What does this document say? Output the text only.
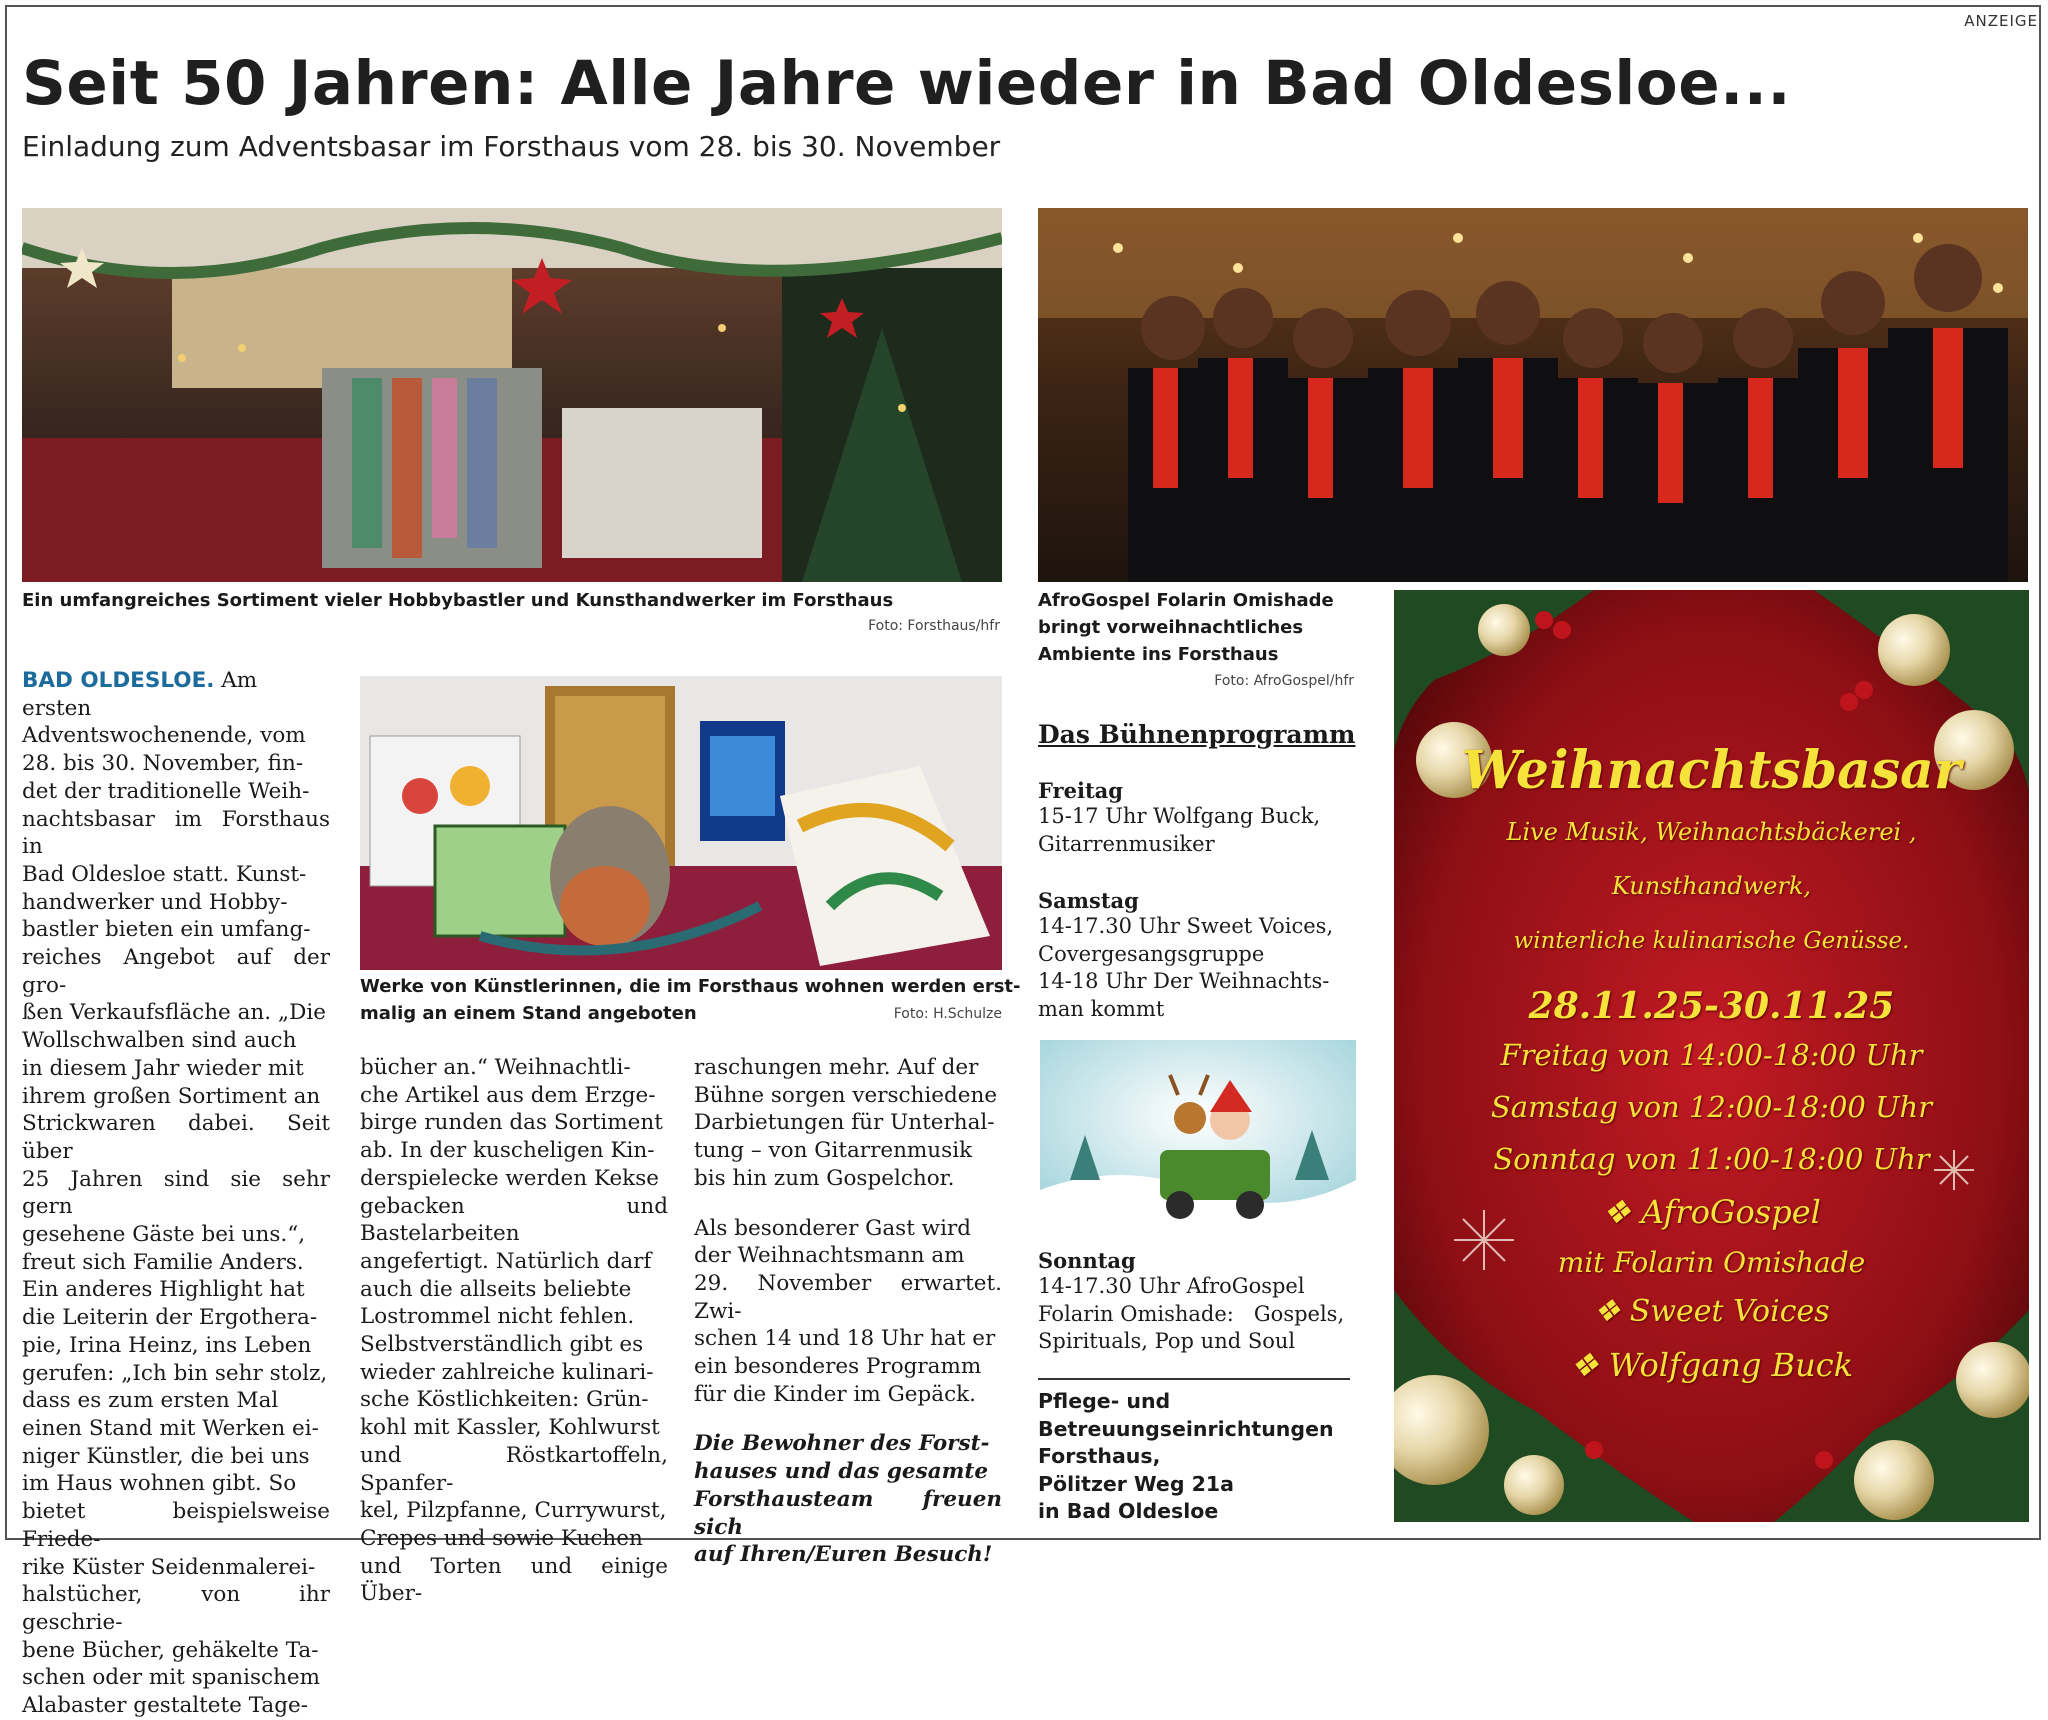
ANZEIGE
Seit 50 Jahren: Alle Jahre wieder in Bad Oldesloe...
Einladung zum Adventsbasar im Forsthaus vom 28. bis 30. November
Ein umfangreiches Sortiment vieler Hobbybastler und Kunsthandwerker im Forsthaus
Foto: Forsthaus/hfr
AfroGospel Folarin Omishade
bringt vorweihnachtliches
Ambiente ins Forsthaus
Foto: AfroGospel/hfr
Werke von Künstlerinnen, die im Forsthaus wohnen werden erst-
malig an einem Stand angeboten	Foto: H.Schulze
BAD OLDESLOE. Am ersten
Adventswochenende, vom
28. bis 30. November, fin-
det der traditionelle Weih-
nachtsbasar im Forsthaus in
Bad Oldesloe statt. Kunst-
handwerker und Hobby-
bastler bieten ein umfang-
reiches Angebot auf der gro-
ßen Verkaufsfläche an. „Die
Wollschwalben sind auch
in diesem Jahr wieder mit
ihrem großen Sortiment an
Strickwaren dabei. Seit über
25 Jahren sind sie sehr gern
gesehene Gäste bei uns.“,
freut sich Familie Anders.
Ein anderes Highlight hat
die Leiterin der Ergothera-
pie, Irina Heinz, ins Leben
gerufen: „Ich bin sehr stolz,
dass es zum ersten Mal
einen Stand mit Werken ei-
niger Künstler, die bei uns
im Haus wohnen gibt. So
bietet beispielsweise Friede-
rike Küster Seidenmalerei-
halstücher, von ihr geschrie-
bene Bücher, gehäkelte Ta-
schen oder mit spanischem
Alabaster gestaltete Tage-
bücher an.“ Weihnachtli-
che Artikel aus dem Erzge-
birge runden das Sortiment
ab. In der kuscheligen Kin-
derspielecke werden Kekse
gebacken und Bastelarbeiten
angefertigt. Natürlich darf
auch die allseits beliebte
Lostrommel nicht fehlen.
Selbstverständlich gibt es
wieder zahlreiche kulinari-
sche Köstlichkeiten: Grün-
kohl mit Kassler, Kohlwurst
und Röstkartoffeln, Spanfer-
kel, Pilzpfanne, Currywurst,
Crepes und sowie Kuchen
und Torten und einige Über-
raschungen mehr. Auf der
Bühne sorgen verschiedene
Darbietungen für Unterhal-
tung – von Gitarrenmusik
bis hin zum Gospelchor.
Als besonderer Gast wird
der Weihnachtsmann am
29. November erwartet. Zwi-
schen 14 und 18 Uhr hat er
ein besonderes Programm
für die Kinder im Gepäck.
Die Bewohner des Forst-
hauses und das gesamte
Forsthausteam freuen sich
auf Ihren/Euren Besuch!
Das Bühnenprogramm
Freitag
15-17 Uhr Wolfgang Buck,
Gitarrenmusiker
Samstag
14-17.30 Uhr Sweet Voices,
Covergesangsgruppe
14-18 Uhr Der Weihnachts-
man kommt
Sonntag
14-17.30 Uhr AfroGospel
Folarin Omishade:   Gospels,
Spirituals, Pop und Soul
Pflege- und
Betreuungseinrichtungen
Forsthaus,
Pölitzer Weg 21a
in Bad Oldesloe
Weihnachtsbasar
Live Musik, Weihnachtsbäckerei ,
Kunsthandwerk,
winterliche kulinarische Genüsse.
28.11.25-30.11.25
Freitag von 14:00-18:00 Uhr
Samstag von 12:00-18:00 Uhr
Sonntag von 11:00-18:00 Uhr
❖ AfroGospel
mit Folarin Omishade
❖ Sweet Voices
❖ Wolfgang Buck
